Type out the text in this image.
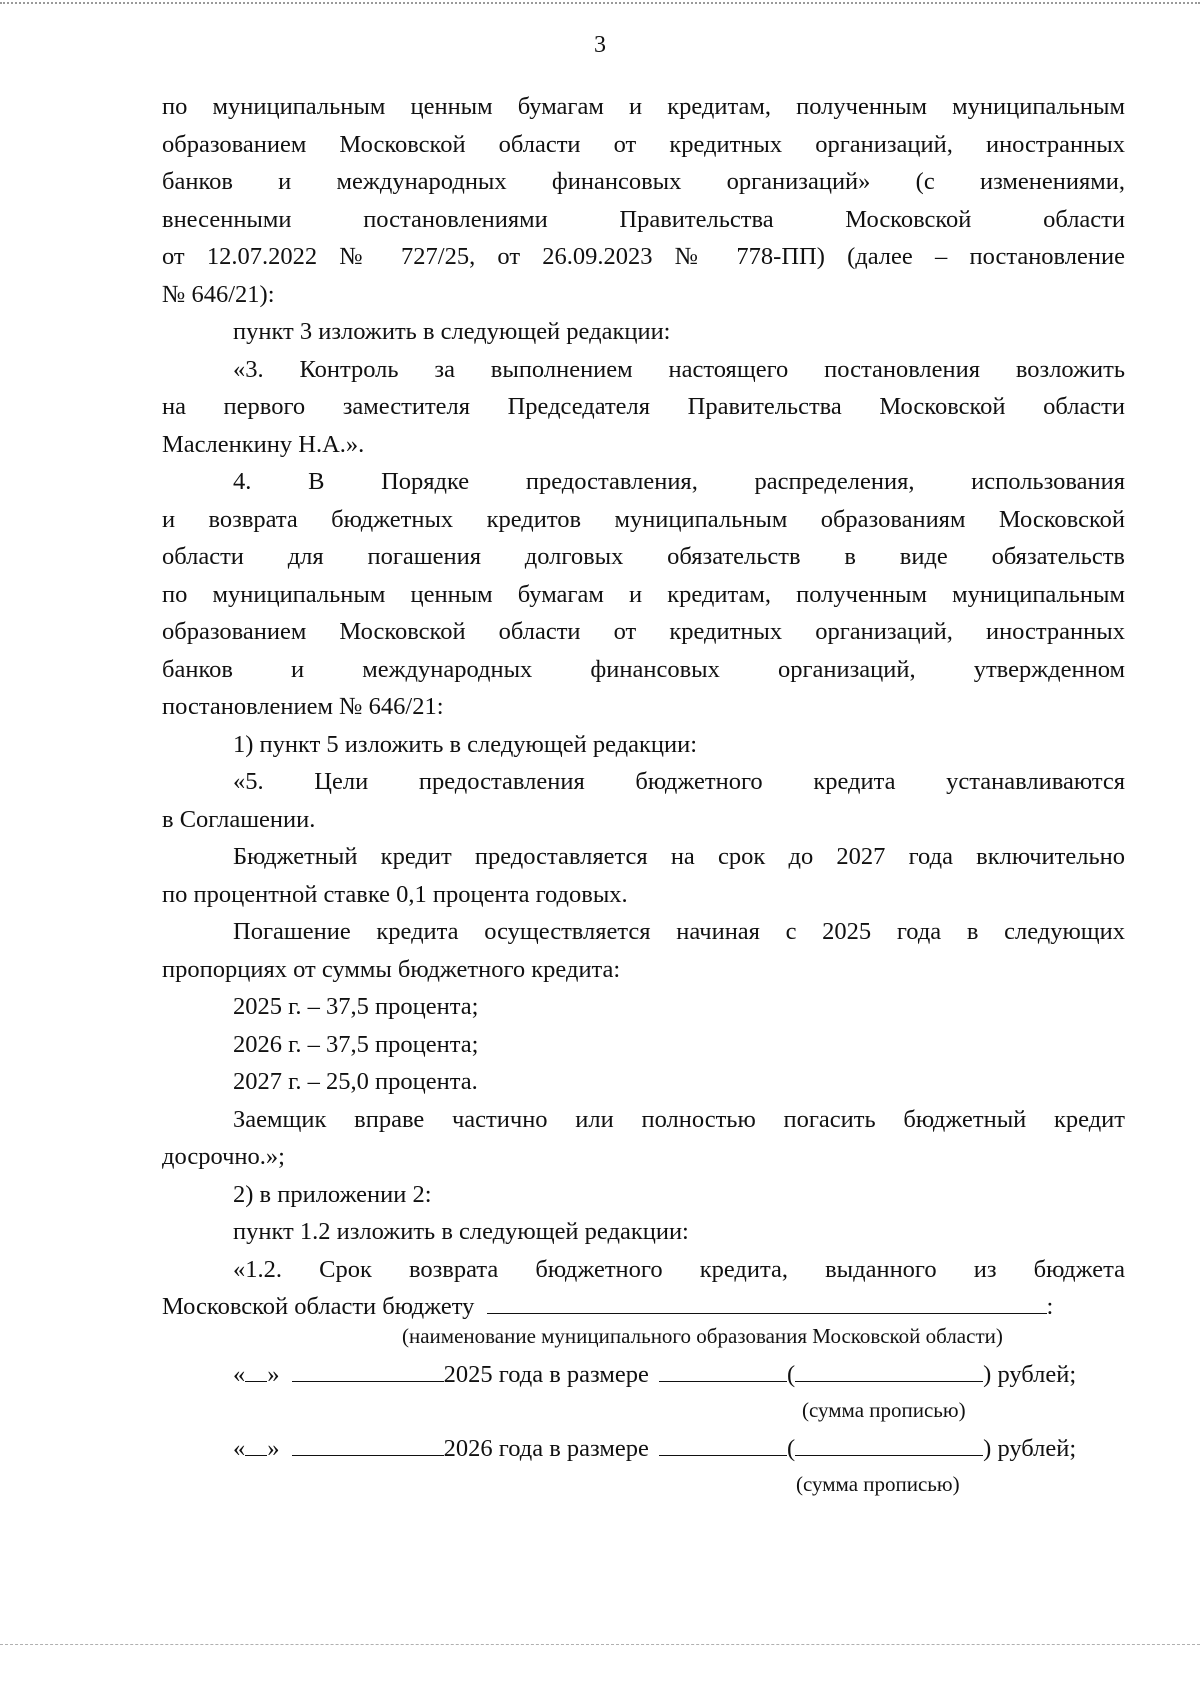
3

по муниципальным ценным бумагам и кредитам, полученным муниципальным

образованием Московской области от кредитных организаций, иностранных

банков и международных финансовых организаций» (с изменениями,

внесенными постановлениями Правительства Московской области

от 12.07.2022 № 727/25, от 26.09.2023 № 778-ПП) (далее – постановление

№ 646/21):

пункт 3 изложить в следующей редакции:

«3. Контроль за выполнением настоящего постановления возложить

на первого заместителя Председателя Правительства Московской области

Масленкину Н.А.».

4. В Порядке предоставления, распределения, использования

и возврата бюджетных кредитов муниципальным образованиям Московской

области для погашения долговых обязательств в виде обязательств

по муниципальным ценным бумагам и кредитам, полученным муниципальным

образованием Московской области от кредитных организаций, иностранных

банков и международных финансовых организаций, утвержденном

постановлением № 646/21:

1) пункт 5 изложить в следующей редакции:

«5. Цели предоставления бюджетного кредита устанавливаются

в Соглашении.

Бюджетный кредит предоставляется на срок до 2027 года включительно

по процентной ставке 0,1 процента годовых.

Погашение кредита осуществляется начиная с 2025 года в следующих

пропорциях от суммы бюджетного кредита:

2025 г. – 37,5 процента;

2026 г. – 37,5 процента;

2027 г. – 25,0 процента.

Заемщик вправе частично или полностью погасить бюджетный кредит

досрочно.»;

2) в приложении 2:

пункт 1.2 изложить в следующей редакции:

«1.2. Срок возврата бюджетного кредита, выданного из бюджета

Московской области бюджету	:
(наименование муниципального образования Московской области)
« »	2025 года в размере	(	) рублей;
(сумма прописью)
« »	2026 года в размере	(	) рублей;
(сумма прописью)
